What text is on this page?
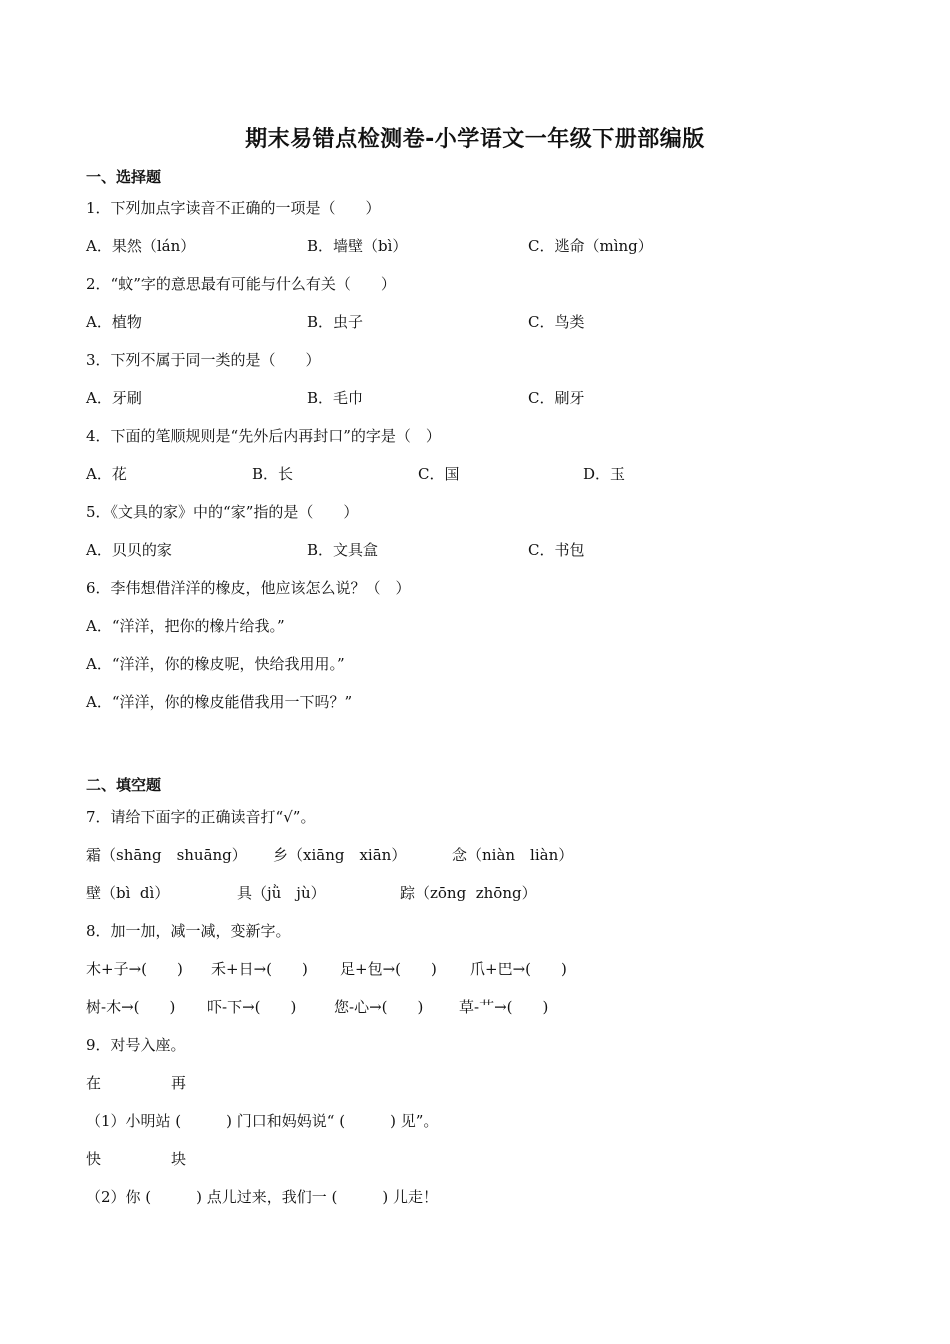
期末易错点检测卷-小学语文一年级下册部编版
一、选择题
1．下列加点字读音不正确的一项是（　　）
A．果然（lán）	B．墙壁（bì）	C．逃命（mìng）
2．“蚊”字的意思最有可能与什么有关（　　）
A．植物	B．虫子	C．鸟类
3．下列不属于同一类的是（　　）
A．牙刷	B．毛巾	C．刷牙
4．下面的笔顺规则是“先外后内再封口”的字是（　）
A．花	B．长	C．国	D．玉
5．《文具的家》中的“家”指的是（　　）
A．贝贝的家	B．文具盒	C．书包
6．李伟想借洋洋的橡皮，他应该怎么说？（　）
A．“洋洋，把你的橡片给我。”
A．“洋洋，你的橡皮呢，快给我用用。”
A．“洋洋，你的橡皮能借我用一下吗？”
二、填空题
7．请给下面字的正确读音打“√”。
霜（shāng　shuāng） 乡（xiāng　xiān）	念（niàn　liàn）
壁（bì  dì）	具（jǜ　jù）	踪（zōng  zhōng）
8．加一加，减一减，变新字。
木+子→(　　) 禾+日→(　　) 足+包→(　　) 爪+巴→(　　)
树-木→(　　) 吓-下→(　　)	您-心→(　　) 草-艹→(　　)
9．对号入座。
在	再
（1）小明站 (　　　) 门口和妈妈说“ (　　　) 见”。
快	块
（2）你 (　　　) 点儿过来，我们一 (　　　) 儿走！
